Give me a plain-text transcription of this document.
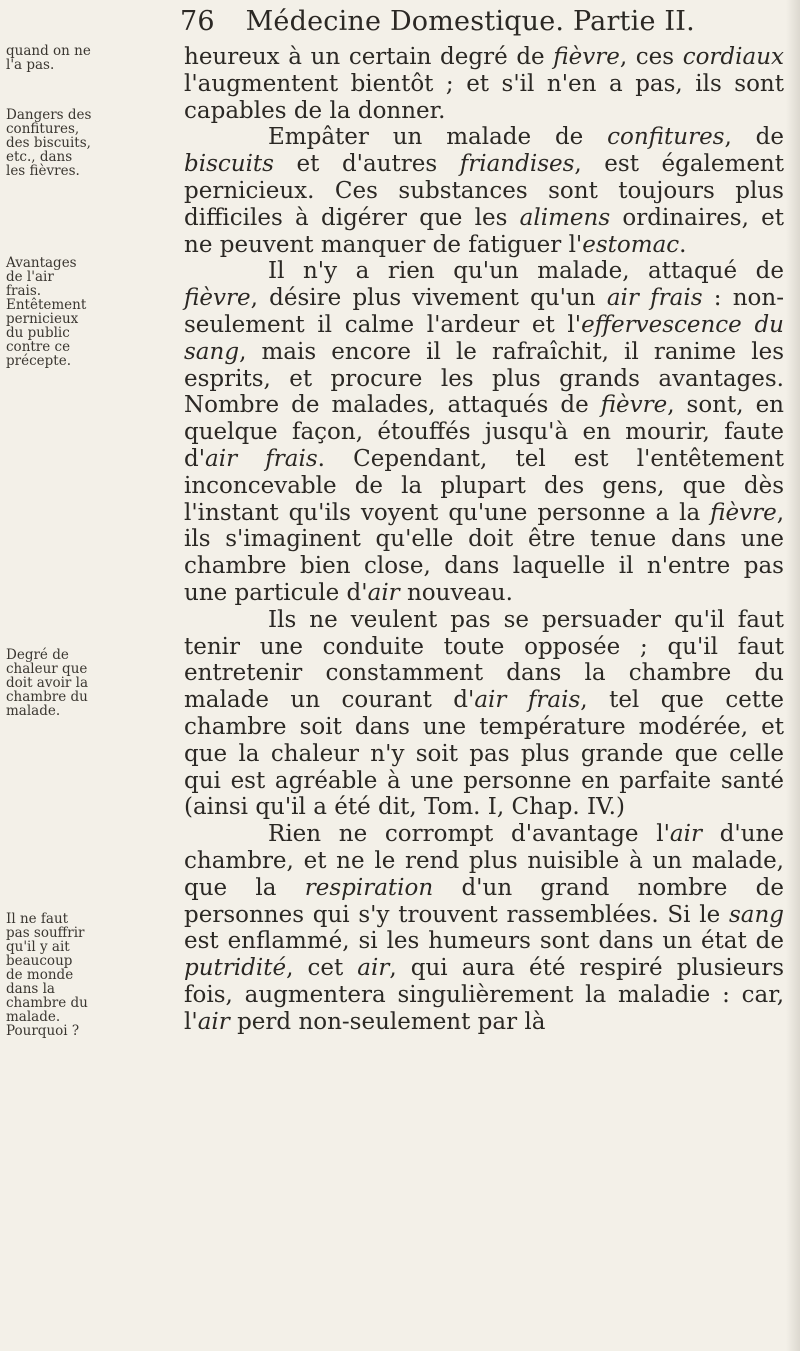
76 Médecine Domestique. Partie II.
quand on ne l'a pas.
Dangers des confitures, des biscuits, etc., dans les fièvres.
Avantages de l'air frais. Entêtement pernicieux du public contre ce précepte.
Degré de chaleur que doit avoir la chambre du malade.
Il ne faut pas souffrir qu'il y ait beaucoup de monde dans la chambre du malade. Pourquoi ?

heureux à un certain degré de fièvre, ces cordiaux l'augmentent bientôt ; et s'il n'en a pas, ils sont capables de la donner.

Empâter un malade de confitures, de biscuits et d'autres friandises, est également pernicieux. Ces substances sont toujours plus difficiles à digérer que les alimens ordinaires, et ne peuvent manquer de fatiguer l'estomac.

Il n'y a rien qu'un malade, attaqué de fièvre, désire plus vivement qu'un air frais : non-seulement il calme l'ardeur et l'effervescence du sang, mais encore il le rafraîchit, il ranime les esprits, et procure les plus grands avantages. Nombre de malades, attaqués de fièvre, sont, en quelque façon, étouffés jusqu'à en mourir, faute d'air frais. Cependant, tel est l'entêtement inconcevable de la plupart des gens, que dès l'instant qu'ils voyent qu'une personne a la fièvre, ils s'imaginent qu'elle doit être tenue dans une chambre bien close, dans laquelle il n'entre pas une particule d'air nouveau.

Ils ne veulent pas se persuader qu'il faut tenir une conduite toute opposée ; qu'il faut entretenir constamment dans la chambre du malade un courant d'air frais, tel que cette chambre soit dans une température modérée, et que la chaleur n'y soit pas plus grande que celle qui est agréable à une personne en parfaite santé (ainsi qu'il a été dit, Tom. I, Chap. IV.)

Rien ne corrompt d'avantage l'air d'une chambre, et ne le rend plus nuisible à un malade, que la respiration d'un grand nombre de personnes qui s'y trouvent rassemblées. Si le sang est enflammé, si les humeurs sont dans un état de putridité, cet air, qui aura été respiré plusieurs fois, augmentera singulièrement la maladie : car, l'air perd non-seulement par là
